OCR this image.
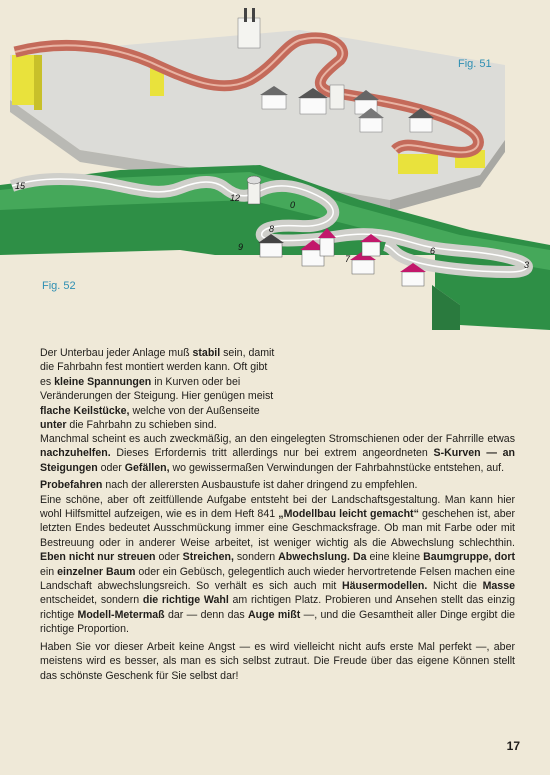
15
12
0
9
8
7
6
3
Fig. 51
Fig. 52
Der Unterbau jeder Anlage muß stabil sein, damit die Fahrbahn fest montiert werden kann. Oft gibt es kleine Spannungen in Kurven oder bei Veränderungen der Steigung. Hier genügen meist flache Keilstücke, welche von der Außenseite unter die Fahrbahn zu schieben sind.

Manchmal scheint es auch zweckmäßig, an den eingelegten Stromschienen oder der Fahrrille etwas nachzuhelfen. Dieses Erfordernis tritt allerdings nur bei extrem angeordneten S-Kurven — an Steigungen oder Gefällen, wo gewissermaßen Verwindungen der Fahrbahnstücke entstehen, auf.

Probefahren nach der allerersten Ausbaustufe ist daher dringend zu empfehlen.
Eine schöne, aber oft zeitfüllende Aufgabe entsteht bei der Landschaftsgestaltung. Man kann hier wohl Hilfsmittel aufzeigen, wie es in dem Heft 841 „Modellbau leicht gemacht“ geschehen ist, aber letzten Endes bedeutet Ausschmückung immer eine Geschmacksfrage. Ob man mit Farbe oder mit Bestreuung oder in anderer Weise arbeitet, ist weniger wichtig als die Abwechslung schlechthin. Eben nicht nur streuen oder Streichen, sondern Abwechslung. Da eine kleine Baumgruppe, dort ein einzelner Baum oder ein Gebüsch, gelegentlich auch wieder hervortretende Felsen machen eine Landschaft abwechslungsreich. So verhält es sich auch mit Häusermodellen. Nicht die Masse entscheidet, sondern die richtige Wahl am richtigen Platz. Probieren und Ansehen stellt das einzig richtige Modell-Metermaß dar — denn das Auge mißt —, und die Gesamtheit aller Dinge ergibt die richtige Proportion.

Haben Sie vor dieser Arbeit keine Angst — es wird vielleicht nicht aufs erste Mal perfekt —, aber meistens wird es besser, als man es sich selbst zutraut. Die Freude über das eigene Können stellt das schönste Geschenk für Sie selbst dar!

17
